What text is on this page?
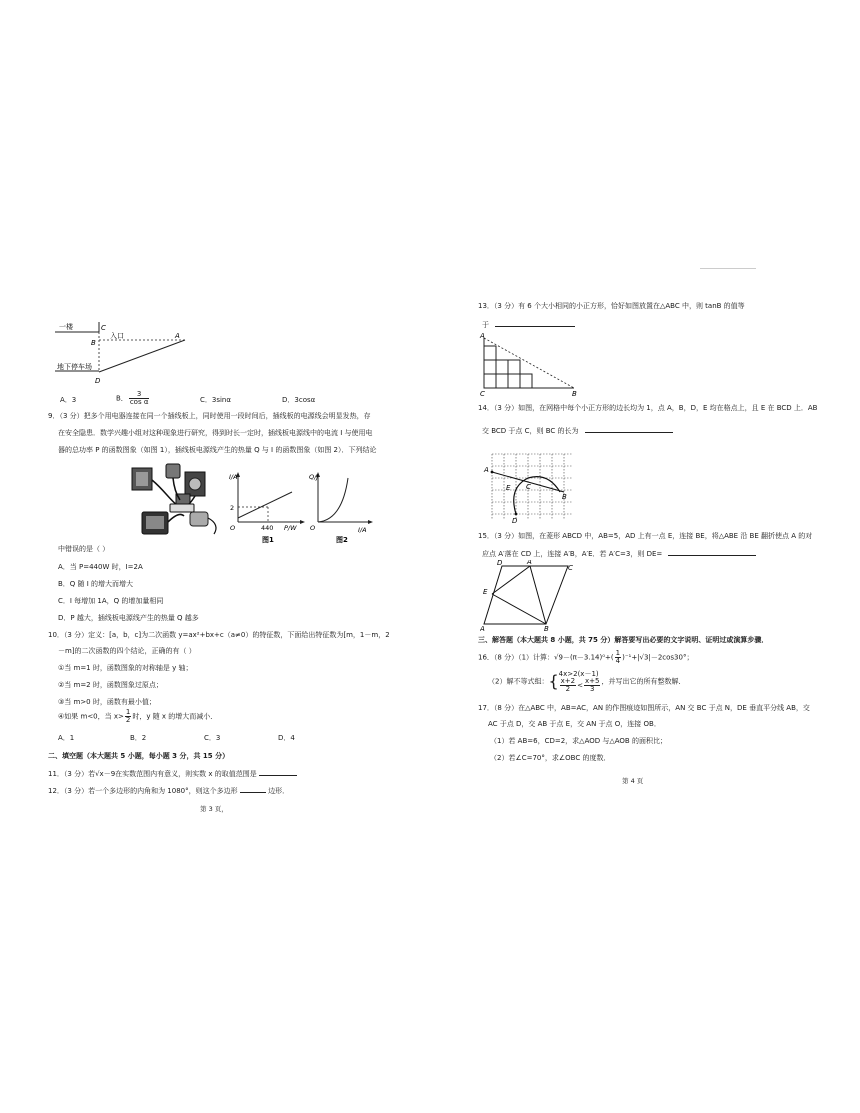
一楼	C
入口	A
B
地下停车场
D
A．3	B． $\frac{3}{\text{cos α}}$	C．3sinα	D．3cosα
9．（3 分）把多个用电器连接在同一个插线板上，同时使用一段时间后，插线板的电源线会明显发热，存
在安全隐患．数学兴趣小组对这种现象进行研究，得到时长一定时，插线板电源线中的电流 I 与使用电
器的总功率 P 的函数图象（如图 1），插线板电源线产生的热量 Q 与 I 的函数图象（如图 2）．下列结论
I/A
2
O	440 P/W
图1
Q/J
O	I/A
图2
中错误的是（ ）
A．当 P=440W 时，I=2A
B．Q 随 I 的增大而增大
C．I 每增加 1A，Q 的增加量相同
D．P 越大，插线板电源线产生的热量 Q 越多
10．（3 分）定义：[a，b，c]为二次函数 y=ax²+bx+c（a≠0）的特征数，下面给出特征数为[m，1－m，2
－m]的二次函数的四个结论，正确的有（ ）
①当 m=1 时，函数图象的对称轴是 y 轴；
②当 m=2 时，函数图象过原点；
③当 m>0 时，函数有最小值；
④如果 m<0，当 $x> \frac{1}{2}$ 时，y 随 x 的增大而减小．
A．1	B．2	C．3	D．4
二、填空题（本大题共 5 小题，每小题 3 分，共 15 分）
11．（3 分）若√x－9在实数范围内有意义，则实数 x 的取值范围是
12．（3 分）若一个多边形的内角和为 1080°，则这个多边形	边形．
第 3 页，
13．（3 分）有 6 个大小相同的小正方形，恰好如图放置在△ABC 中，则 tanB 的值等
于
A
C	B
14．（3 分）如图，在网格中每个小正方形的边长均为 1，点 A，B，D，E 均在格点上，且 E 在 BCD 上．AB
交 BCD 于点 C，则 BC 的长为
A
E C
B
D
15．（3 分）如图，在菱形 ABCD 中，AB=5，AD 上有一点 E，连接 BE，将△ABE 沿 BE 翻折使点 A 的对
应点 A′落在 CD 上，连接 A′B，A′E．若 A′C=3，则 DE=
D	A′
C
E
A	B
三、解答题（本大题共 8 小题，共 75 分）解答要写出必要的文字说明、证明过或演算步骤．
16．（8 分）（1）计算：$√9-(\pi-3.14)^0+( \frac{1}{4} )^{-1}+|√3|-2\cos 30^\circ$；
（2）解不等式组：{ 4x>2(x－1)
$\frac{x+2}{2} < \frac{x+5}{3}$ ，并写出它的所有整数解．
17．（8 分）在△ABC 中，AB=AC，AN 的作图痕迹如图所示，AN 交 BC 于点 N，DE 垂直平分线 AB，交
AC 于点 D，交 AB 于点 E，交 AN 于点 O，连接 OB．
（1）若 AB=6，CD=2，求△AOD 与△AOB 的面积比；
（2）若∠C=70°，求∠OBC 的度数．
第 4 页
